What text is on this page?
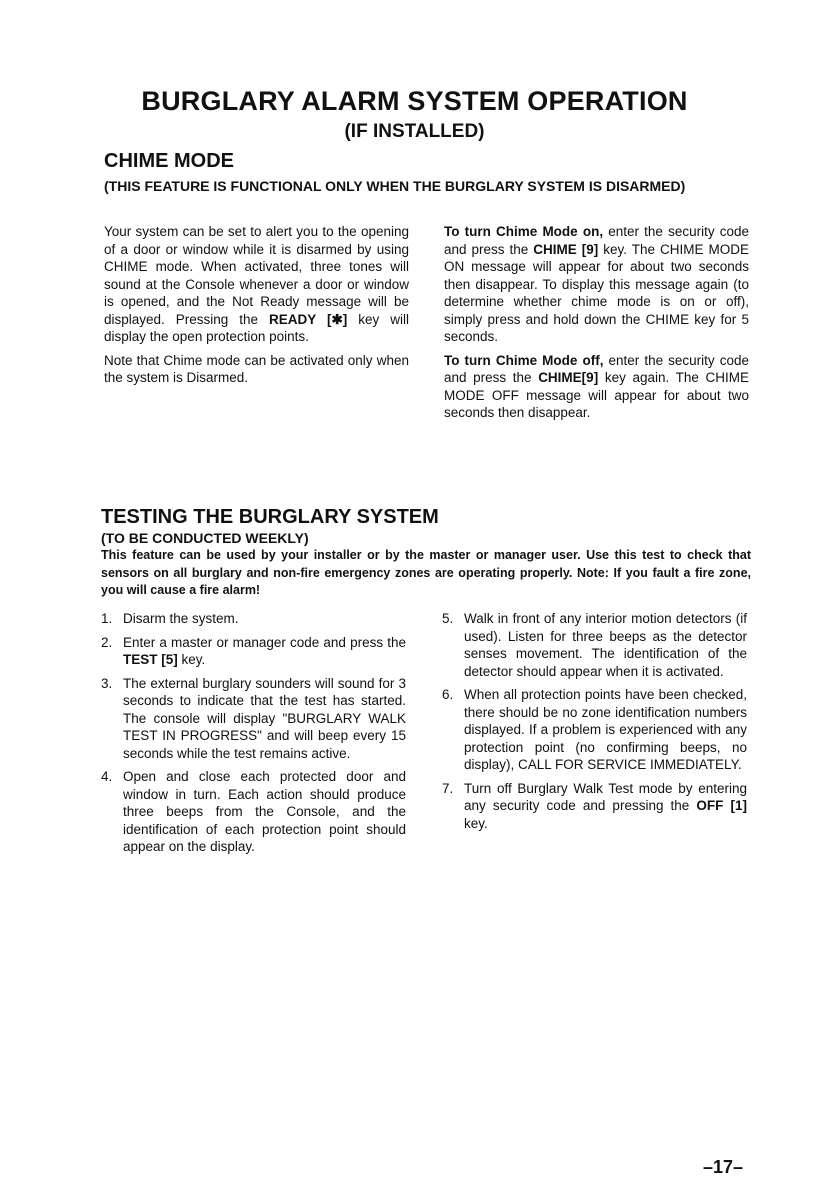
BURGLARY ALARM SYSTEM OPERATION
(IF INSTALLED)
CHIME MODE
(THIS FEATURE IS FUNCTIONAL ONLY WHEN THE BURGLARY SYSTEM IS DISARMED)

Your system can be set to alert you to the opening of a door or window while it is disarmed by using CHIME mode. When activated, three tones will sound at the Console whenever a door or window is opened, and the Not Ready message will be displayed. Pressing the READY [✱] key will display the open protection points.

Note that Chime mode can be activated only when the system is Disarmed.

To turn Chime Mode on, enter the security code and press the CHIME [9] key. The CHIME MODE ON message will appear for about two seconds then disappear. To display this message again (to determine whether chime mode is on or off), simply press and hold down the CHIME key for 5 seconds.

To turn Chime Mode off, enter the security code and press the CHIME[9] key again. The CHIME MODE OFF message will appear for about two seconds then disappear.

TESTING THE BURGLARY SYSTEM
(TO BE CONDUCTED WEEKLY)
This feature can be used by your installer or by the master or manager user. Use this test to check that sensors on all burglary and non-fire emergency zones are operating properly. Note: If you fault a fire zone, you will cause a fire alarm!
1. Disarm the system.
2. Enter a master or manager code and press the TEST [5] key.
3. The external burglary sounders will sound for 3 seconds to indicate that the test has started. The console will display "BURGLARY WALK TEST IN PROGRESS" and will beep every 15 seconds while the test remains active.
4. Open and close each protected door and window in turn. Each action should produce three beeps from the Console, and the identification of each protection point should appear on the display.
5. Walk in front of any interior motion detectors (if used). Listen for three beeps as the detector senses movement. The identification of the detector should appear when it is activated.
6. When all protection points have been checked, there should be no zone identification numbers displayed. If a problem is experienced with any protection point (no confirming beeps, no display), CALL FOR SERVICE IMMEDIATELY.
7. Turn off Burglary Walk Test mode by entering any security code and pressing the OFF [1] key.
–17–
